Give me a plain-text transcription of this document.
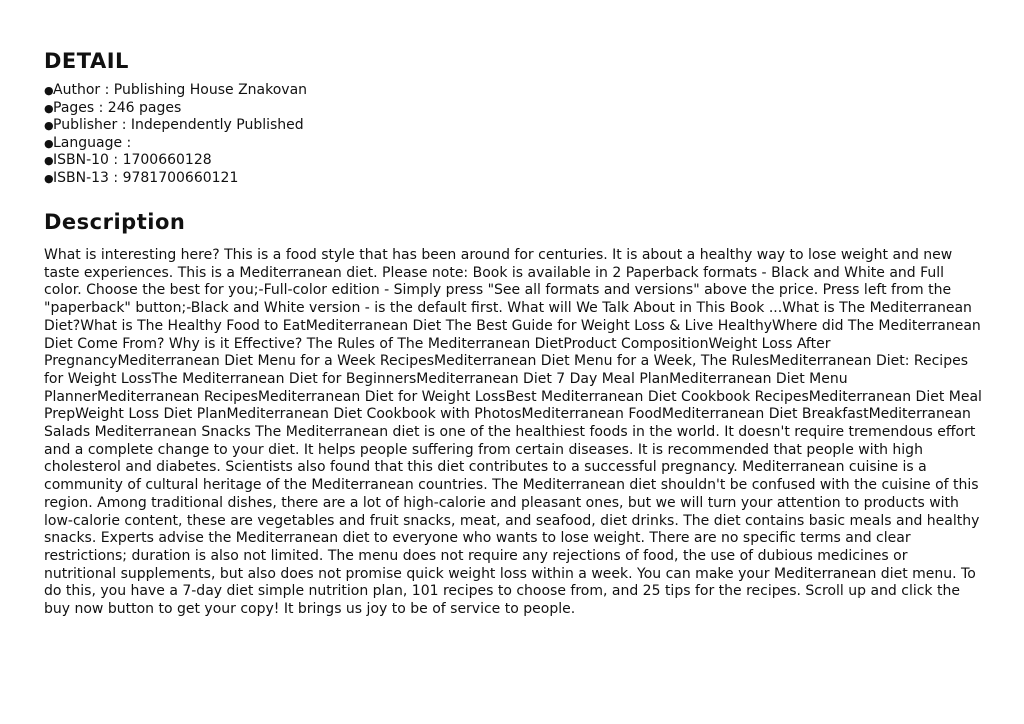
DETAIL
● Author : Publishing House Znakovan
● Pages : 246 pages
● Publisher : Independently Published
● Language :
● ISBN-10 : 1700660128
● ISBN-13 : 9781700660121
Description

What is interesting here? This is a food style that has been around for centuries. It is about a healthy way to lose weight and new taste experiences. This is a Mediterranean diet. Please note: Book is available in 2 Paperback formats - Black and White and Full color. Choose the best for you;-Full-color edition - Simply press "See all formats and versions" above the price. Press left from the "paperback" button;-Black and White version - is the default first. What will We Talk About in This Book ...What is The Mediterranean Diet?What is The Healthy Food to EatMediterranean Diet The Best Guide for Weight Loss & Live HealthyWhere did The Mediterranean Diet Come From? Why is it Effective? The Rules of The Mediterranean DietProduct CompositionWeight Loss After PregnancyMediterranean Diet Menu for a Week RecipesMediterranean Diet Menu for a Week, The RulesMediterranean Diet: Recipes for Weight LossThe Mediterranean Diet for BeginnersMediterranean Diet 7 Day Meal PlanMediterranean Diet Menu PlannerMediterranean RecipesMediterranean Diet for Weight LossBest Mediterranean Diet Cookbook RecipesMediterranean Diet Meal PrepWeight Loss Diet PlanMediterranean Diet Cookbook with PhotosMediterranean FoodMediterranean Diet BreakfastMediterranean Salads Mediterranean Snacks The Mediterranean diet is one of the healthiest foods in the world. It doesn't require tremendous effort and a complete change to your diet. It helps people suffering from certain diseases. It is recommended that people with high cholesterol and diabetes. Scientists also found that this diet contributes to a successful pregnancy. Mediterranean cuisine is a community of cultural heritage of the Mediterranean countries. The Mediterranean diet shouldn't be confused with the cuisine of this region. Among traditional dishes, there are a lot of high-calorie and pleasant ones, but we will turn your attention to products with low-calorie content, these are vegetables and fruit snacks, meat, and seafood, diet drinks. The diet contains basic meals and healthy snacks. Experts advise the Mediterranean diet to everyone who wants to lose weight. There are no specific terms and clear restrictions; duration is also not limited. The menu does not require any rejections of food, the use of dubious medicines or nutritional supplements, but also does not promise quick weight loss within a week. You can make your Mediterranean diet menu. To do this, you have a 7-day diet simple nutrition plan, 101 recipes to choose from, and 25 tips for the recipes. Scroll up and click the buy now button to get your copy! It brings us joy to be of service to people.
